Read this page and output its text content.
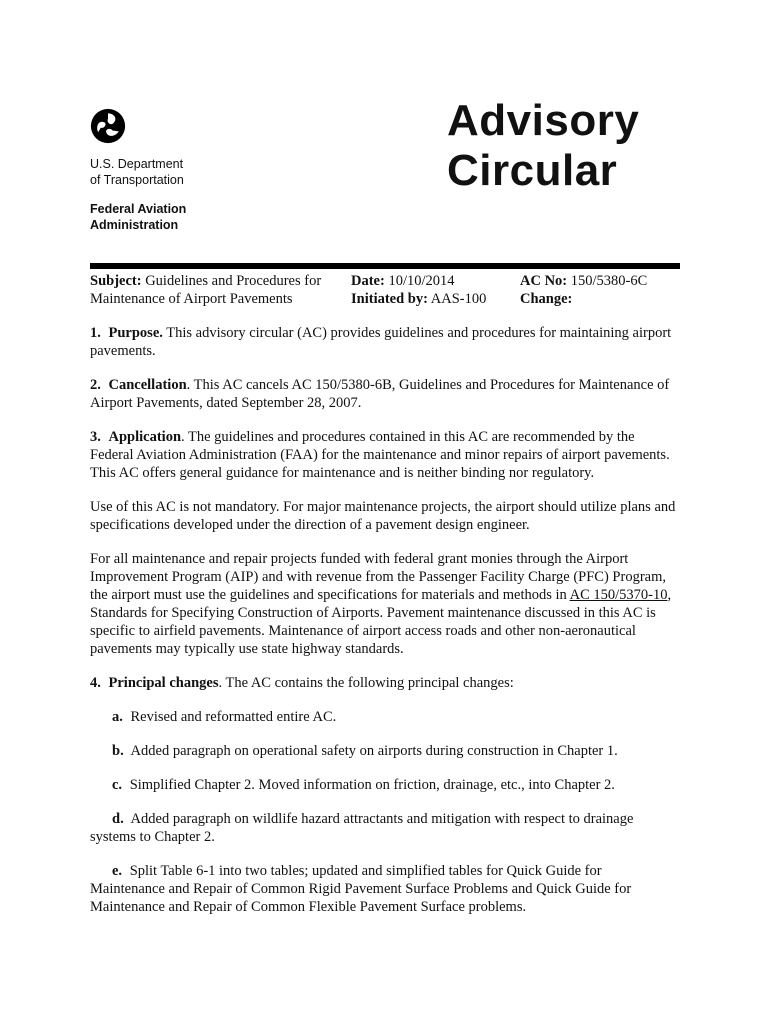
U.S. Department
of Transportation
Federal Aviation
Administration
Advisory
Circular
Subject: Guidelines and Procedures for
Maintenance of Airport Pavements
Date: 10/10/2014
Initiated by: AAS-100
AC No: 150/5380-6C
Change:

1. Purpose. This advisory circular (AC) provides guidelines and procedures for maintaining airport pavements.

2. Cancellation. This AC cancels AC 150/5380-6B, Guidelines and Procedures for Maintenance of Airport Pavements, dated September 28, 2007.

3. Application. The guidelines and procedures contained in this AC are recommended by the Federal Aviation Administration (FAA) for the maintenance and minor repairs of airport pavements. This AC offers general guidance for maintenance and is neither binding nor regulatory.

Use of this AC is not mandatory. For major maintenance projects, the airport should utilize plans and specifications developed under the direction of a pavement design engineer.

For all maintenance and repair projects funded with federal grant monies through the Airport Improvement Program (AIP) and with revenue from the Passenger Facility Charge (PFC) Program, the airport must use the guidelines and specifications for materials and methods in AC 150/5370-10, Standards for Specifying Construction of Airports. Pavement maintenance discussed in this AC is specific to airfield pavements. Maintenance of airport access roads and other non-aeronautical pavements may typically use state highway standards.

4. Principal changes. The AC contains the following principal changes:

a. Revised and reformatted entire AC.

b. Added paragraph on operational safety on airports during construction in Chapter 1.

c. Simplified Chapter 2. Moved information on friction, drainage, etc., into Chapter 2.

d. Added paragraph on wildlife hazard attractants and mitigation with respect to drainage systems to Chapter 2.

e. Split Table 6-1 into two tables; updated and simplified tables for Quick Guide for Maintenance and Repair of Common Rigid Pavement Surface Problems and Quick Guide for Maintenance and Repair of Common Flexible Pavement Surface problems.
